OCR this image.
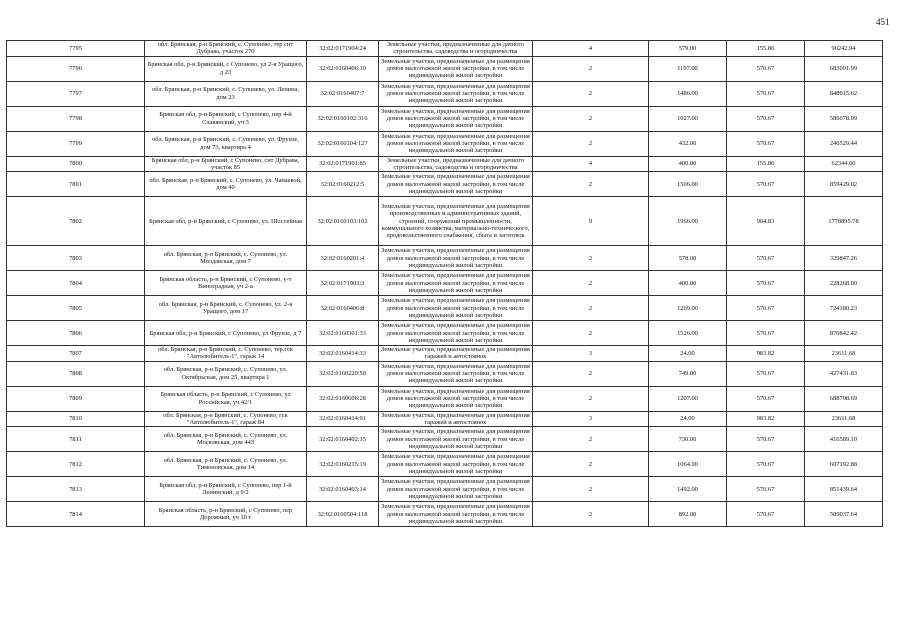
451
7795	обл. Брянская, р-н Брянский, с. Супонево, тер снт Дубрава, участок 270	32:02:0171904:24	Земельные участки, предназначенные для дачного строительства, садоводства и огородничества	4	579.00	155.86	90242.94
7796	Брянская обл, р-н Брянский, с Супонево, ул 2-я Уращого, д 23	32:02:0160406:10	Земельные участки, предназначенные для размещения домов малоэтажной жилой застройки, в том числе индивидуальной жилой застройки	2	1197.00	570.67	683091.99
7797	обл. Брянская, р-н Брянский, с. Супонево, ул. Ленина, дом 23	32:02:0160407:7	Земельные участки, предназначенные для размещения домов малоэтажной жилой застройки, в том числе индивидуальной жилой застройки	2	1486.00	570.67	848015.62
7798	Брянская обл, р-н Брянский, с Супонево, пер 4-й Славянский, уч 3	32:02:0160102:316	Земельные участки, предназначенные для размещения домов малоэтажной жилой застройки, в том числе индивидуальной жилой застройки	2	1027.00	570.67	586078.09
7799	обл. Брянская, р-н Брянский, с. Супонево, ул. Фрунзе, дом 73, квартира 4	32:02:0160104:127	Земельные участки, предназначенные для размещения домов малоэтажной жилой застройки, в том числе индивидуальной жилой застройки	2	432.00	570.67	246529.44
7800	Брянская обл, р-н Брянский, с Супонево, снт Дубрава, участок 85	32:02:0171901:85	Земельные участки, предназначенные для дачного строительства, садоводства и огородничества	4	400.00	155.86	62344.00
7801	обл. Брянская, р-н Брянский, с. Супонево, ул. Чапаевой, дом 40	32:02:0160212:5	Земельные участки, предназначенные для размещения домов малоэтажной жилой застройки, в том числе индивидуальной жилой застройки	2	1506.00	570.67	859429.02
7802	Брянская обл, р-н Брянский, с Супонево, ул. Шоссейная	32:02:0160103:102	Земельные участки, предназначенные для размещения производственных и административных зданий, строений, сооружений промышленности, коммунального хозяйства, материально-технического, продовольственного снабжения, сбыта и заготовок	9	1966.00	904.83	1778895.78
7803	обл. Брянская, р-н Брянский, с. Супонево, ул. Молдавская, дом 7	32:02:0160201:4	Земельные участки, предназначенные для размещения домов малоэтажной жилой застройки, в том числе индивидуальной жилой застройки	2	578.00	570.67	329847.26
7804	Брянская область, р-н Брянский, с Супонево, у-т Виноградная, уч 2-а	32:02:0171903:3	Земельные участки, предназначенные для размещения домов малоэтажной жилой застройки, в том числе индивидуальной жилой застройки	2	400.00	570.67	228268.00
7805	обл. Брянская, р-н Брянский, с. Супонево, ул. 2-я Уращого, дом 17	32:02:0160406:8	Земельные участки, предназначенные для размещения домов малоэтажной жилой застройки, в том числе индивидуальной жилой застройки	2	1269.00	570.67	724180.23
7806	Брянская обл, р-н Брянский, с Супонево, ул Фрунзе, д 7	32:02:0160301:33	Земельные участки, предназначенные для размещения домов малоэтажной жилой застройки, в том числе индивидуальной жилой застройки	2	1526.00	570.67	870842.42
7807	обл. Брянская, р-н Брянский, с. Супонево, тер.гск "Автолюбитель-1", гараж 14	32:02:0160414:33	Земельные участки, предназначенные для размещения гаражей и автостоянок	3	24.00	983.82	23611.68
7808	обл. Брянская, р-н Брянский, с. Супонево, ул. Октябрьская, дом 25, квартира 1	32:02:0160220:50	Земельные участки, предназначенные для размещения домов малоэтажной жилой застройки, в том числе индивидуальной жилой застройки	2	749.00	570.67	427431.83
7809	Брянская область, р-н Брянский, с Супонево, ул Российская, уч 42/1	32:02:0160606:28	Земельные участки, предназначенные для размещения домов малоэтажной жилой застройки, в том числе индивидуальной жилой застройки	2	1207.00	570.67	688798.69
7810	обл. Брянская, р-н Брянский, с. Супонево, гск "Автолюбитель-1", гараж 84	32:02:0160414:91	Земельные участки, предназначенные для размещения гаражей и автостоянок	3	24.00	983.82	23611.68
7811	обл. Брянская, р-н Брянский, с. Супонево, ул. Московская, дом 44З	32:02:0160402:15	Земельные участки, предназначенные для размещения домов малоэтажной жилой застройки, в том числе индивидуальной жилой застройки	2	730.00	570.67	416589.10
7812	обл. Брянская, р-н Брянский, с. Супонево, ул. Тимоновская, дом 14	32:02:0160215:19	Земельные участки, предназначенные для размещения домов малоэтажной жилой застройки, в том числе индивидуальной жилой застройки	2	1064.00	570.67	607192.88
7813	Брянская обл, р-н Брянский, с Супонево, пер 1-й Ленинский, д 9/2	32:02:0160403:14	Земельные участки, предназначенные для размещения домов малоэтажной жилой застройки, в том числе индивидуальной жилой застройки	2	1492.00	570.67	851439.64
7814	Брянская область, р-н Брянский, с Супонево, пер Дорожный, уч 10 г	32:02:0160504:118	Земельные участки, предназначенные для размещения домов малоэтажной жилой застройки, в том числе индивидуальной жилой застройки	2	892.00	570.67	509037.64
